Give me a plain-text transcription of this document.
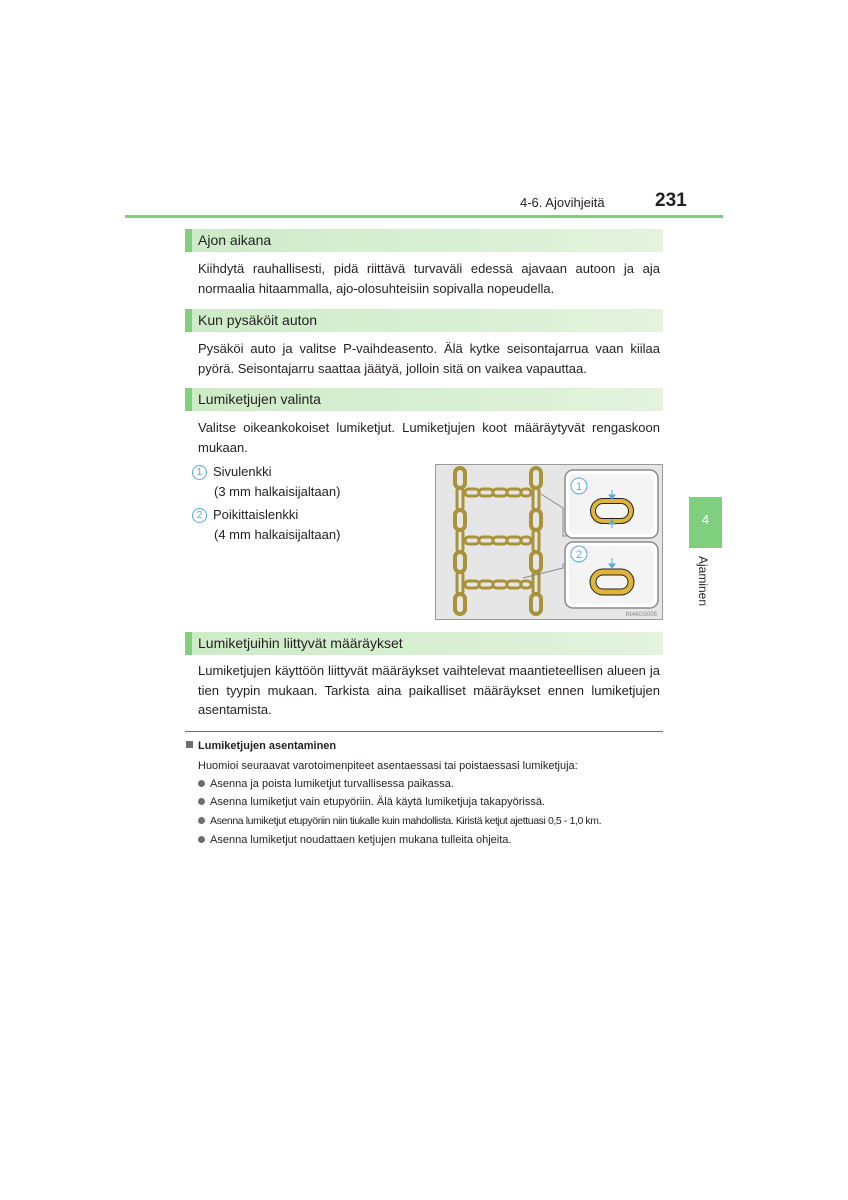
4-6. Ajovihjeitä	231
4
Ajaminen
Ajon aikana
Kiihdytä rauhallisesti, pidä riittävä turvaväli edessä ajavaan autoon ja aja normaalia hitaammalla, ajo-olosuhteisiin sopivalla nopeudella.
Kun pysäköit auton
Pysäköi auto ja valitse P-vaihdeasento. Älä kytke seisontajarrua vaan kiilaa pyörä. Seisontajarru saattaa jäätyä, jolloin sitä on vaikea vapauttaa.
Lumiketjujen valinta
Valitse oikeankokoiset lumiketjut. Lumiketjujen koot määräytyvät rengaskoon mukaan.
1 Sivulenkki
(3 mm halkaisijaltaan)
2 Poikittaislenkki
(4 mm halkaisijaltaan)
1
2
IN46GS005
Lumiketjuihin liittyvät määräykset
Lumiketjujen käyttöön liittyvät määräykset vaihtelevat maantieteellisen alueen ja tien tyypin mukaan. Tarkista aina paikalliset määräykset ennen lumiketjujen asentamista.
Lumiketjujen asentaminen
Huomioi seuraavat varotoimenpiteet asentaessasi tai poistaessasi lumiketjuja:
Asenna ja poista lumiketjut turvallisessa paikassa.
Asenna lumiketjut vain etupyöriin. Älä käytä lumiketjuja takapyörissä.
Asenna lumiketjut etupyöriin niin tiukalle kuin mahdollista. Kiristä ketjut ajettuasi 0,5 - 1,0 km.
Asenna lumiketjut noudattaen ketjujen mukana tulleita ohjeita.
